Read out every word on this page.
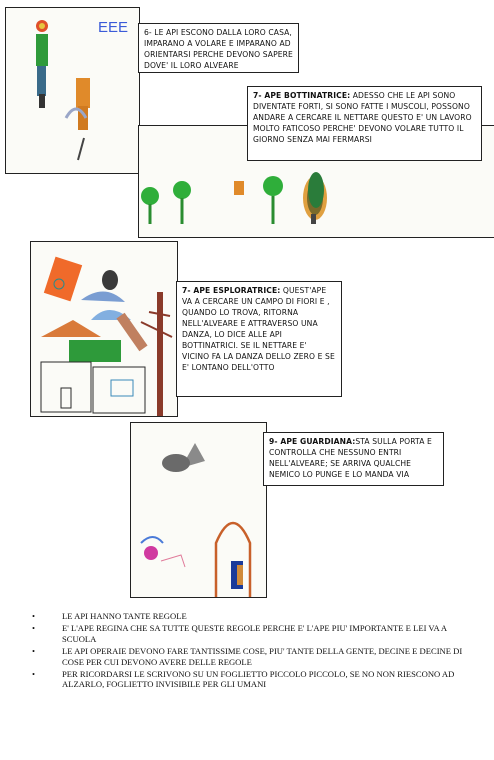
EEE	6- LE API ESCONO DALLA LORO CASA, IMPARANO A VOLARE E IMPARANO AD ORIENTARSI PERCHE DEVONO SAPERE DOVE' IL LORO ALVEARE
7- APE BOTTINATRICE: ADESSO CHE LE API SONO DIVENTATE FORTI, SI SONO FATTE I MUSCOLI, POSSONO ANDARE A CERCARE IL NETTARE QUESTO E' UN LAVORO MOLTO FATICOSO PERCHE' DEVONO VOLARE TUTTO IL GIORNO SENZA MAI FERMARSI
7- APE ESPLORATRICE: QUEST'APE VA A CERCARE UN CAMPO DI FIORI E , QUANDO LO TROVA, RITORNA NELL'ALVEARE E ATTRAVERSO UNA DANZA, LO DICE ALLE API BOTTINATRICI. SE IL NETTARE E' VICINO FA LA DANZA DELLO ZERO E SE E' LONTANO DELL'OTTO
9- APE GUARDIANA:STA SULLA PORTA E CONTROLLA CHE NESSUNO ENTRI NELL'ALVEARE; SE ARRIVA QUALCHE NEMICO LO PUNGE E LO MANDA VIA
•	LE API HANNO TANTE REGOLE
•	E' L'APE REGINA CHE SA TUTTE QUESTE REGOLE PERCHE E' L'APE PIU' IMPORTANTE E LEI VA A SCUOLA
•	LE API OPERAIE DEVONO FARE TANTISSIME COSE, PIU' TANTE DELLA GENTE, DECINE E DECINE DI COSE PER CUI DEVONO AVERE DELLE REGOLE
•	PER RICORDARSI LE SCRIVONO SU UN FOGLIETTO PICCOLO PICCOLO, SE NO NON RIESCONO AD ALZARLO, FOGLIETTO INVISIBILE PER GLI UMANI
